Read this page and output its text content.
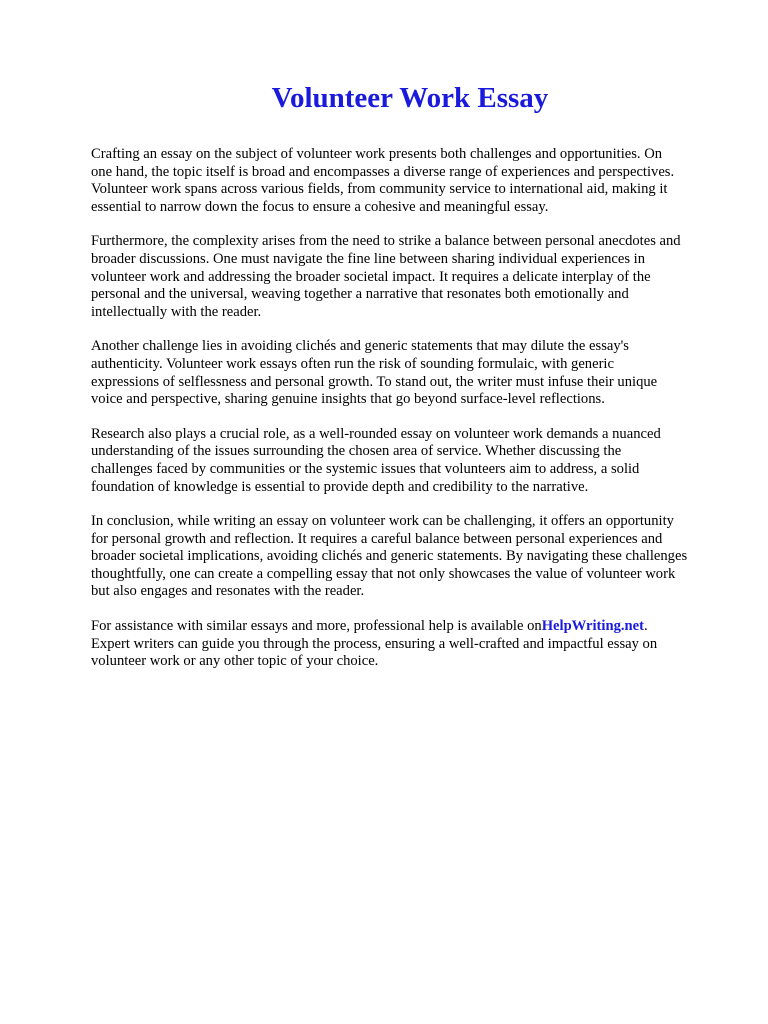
Volunteer Work Essay

Crafting an essay on the subject of volunteer work presents both challenges and opportunities. On
one hand, the topic itself is broad and encompasses a diverse range of experiences and perspectives.
Volunteer work spans across various fields, from community service to international aid, making it
essential to narrow down the focus to ensure a cohesive and meaningful essay.

Furthermore, the complexity arises from the need to strike a balance between personal anecdotes and
broader discussions. One must navigate the fine line between sharing individual experiences in
volunteer work and addressing the broader societal impact. It requires a delicate interplay of the
personal and the universal, weaving together a narrative that resonates both emotionally and
intellectually with the reader.

Another challenge lies in avoiding clichés and generic statements that may dilute the essay's
authenticity. Volunteer work essays often run the risk of sounding formulaic, with generic
expressions of selflessness and personal growth. To stand out, the writer must infuse their unique
voice and perspective, sharing genuine insights that go beyond surface-level reflections.

Research also plays a crucial role, as a well-rounded essay on volunteer work demands a nuanced
understanding of the issues surrounding the chosen area of service. Whether discussing the
challenges faced by communities or the systemic issues that volunteers aim to address, a solid
foundation of knowledge is essential to provide depth and credibility to the narrative.

In conclusion, while writing an essay on volunteer work can be challenging, it offers an opportunity
for personal growth and reflection. It requires a careful balance between personal experiences and
broader societal implications, avoiding clichés and generic statements. By navigating these challenges
thoughtfully, one can create a compelling essay that not only showcases the value of volunteer work
but also engages and resonates with the reader.

For assistance with similar essays and more, professional help is available onHelpWriting.net.
Expert writers can guide you through the process, ensuring a well-crafted and impactful essay on
volunteer work or any other topic of your choice.
